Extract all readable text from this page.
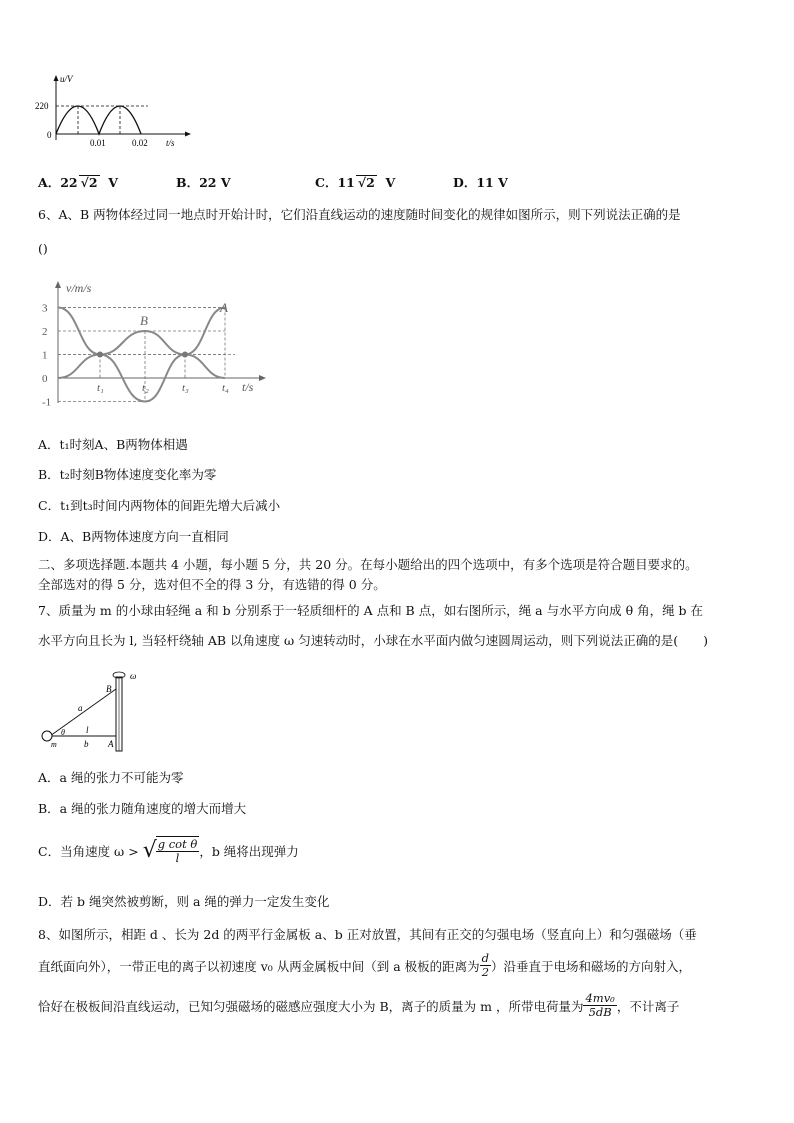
u/V
220
0
0.01	0.02 t/s
A．22 √2 V	B．22 V	C．11 √2 V	D．11 V
6、A、B 两物体经过同一地点时开始计时，它们沿直线运动的速度随时间变化的规律如图所示，则下列说法正确的是
()
v/m/s
t/s
3
2
1
0
-1
t₁	t₂	t₃	t₄
A
B
A．t₁时刻A、B两物体相遇
B．t₂时刻B物体速度变化率为零
C．t₁到t₃时间内两物体的间距先增大后减小
D．A、B两物体速度方向一直相同
二、多项选择题.本题共 4 小题，每小题 5 分，共 20 分。在每小题给出的四个选项中，有多个选项是符合题目要求的。
全部选对的得 5 分，选对但不全的得 3 分，有选错的得 0 分。
7、质量为 m 的小球由轻绳 a 和 b 分别系于一轻质细杆的 A 点和 B 点，如右图所示，绳 a 与水平方向成 θ 角，绳 b 在
水平方向且长为 l, 当轻杆绕轴 AB 以角速度 ω 匀速转动时，小球在水平面内做匀速圆周运动，则下列说法正确的是(　　)
ω
B
a
θ l
m	b A
A．a 绳的张力不可能为零
B．a 绳的张力随角速度的增大而增大
C．当角速度 ω > √ $\frac{\text{g cot θ}}{l}$ ，b 绳将出现弹力
D．若 b 绳突然被剪断，则 a 绳的弹力一定发生变化
8、如图所示，相距 d 、长为 2d 的两平行金属板 a、b 正对放置，其间有正交的匀强电场（竖直向上）和匀强磁场（垂
直纸面向外），一带正电的离子以初速度 v₀ 从两金属板中间（到 a 极板的距离为 $\frac{d}{2}$ ）沿垂直于电场和磁场的方向射入，
恰好在极板间沿直线运动，已知匀强磁场的磁感应强度大小为 B，离子的质量为 m ，所带电荷量为 $\frac{\text{4mv₀}}{5dB}$ ，不计离子
